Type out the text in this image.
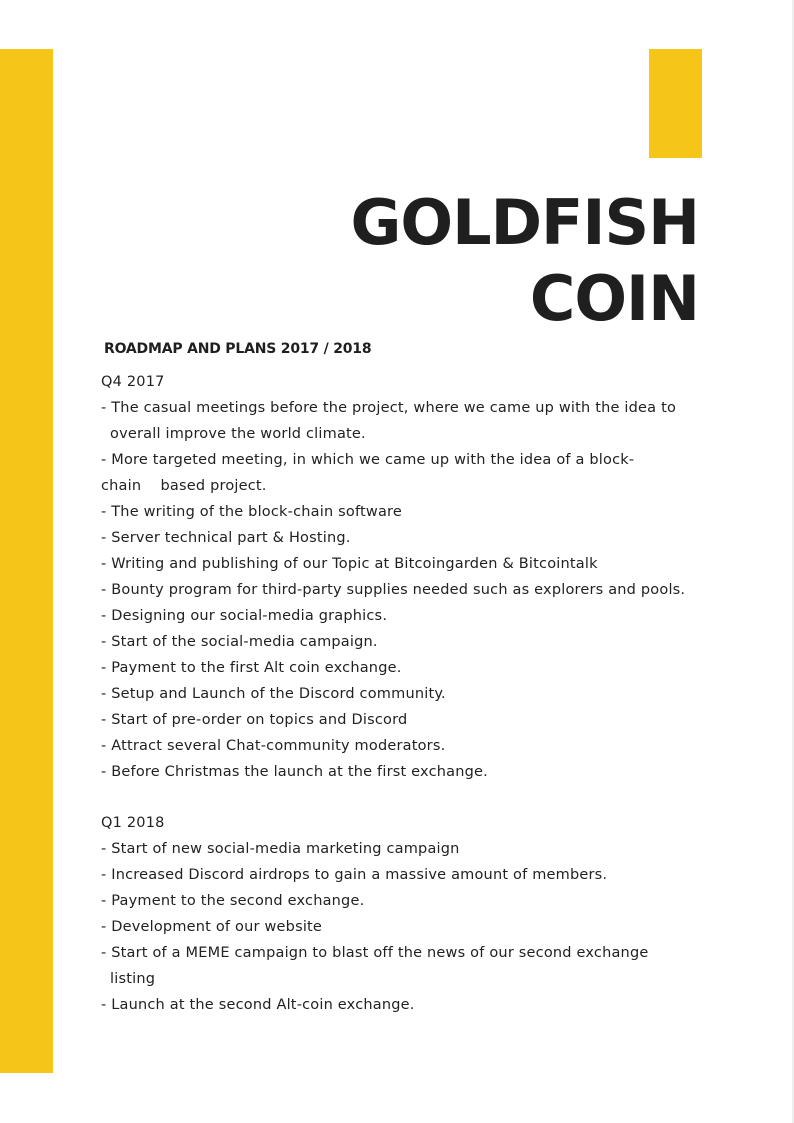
GOLDFISH
COIN
ROADMAP AND PLANS 2017 / 2018
Q4 2017
- The casual meetings before the project, where we came up with the idea to
overall improve the world climate.
- More targeted meeting, in which we came up with the idea of a block-
chain    based project.
- The writing of the block-chain software
- Server technical part & Hosting.
- Writing and publishing of our Topic at Bitcoingarden & Bitcointalk
- Bounty program for third-party supplies needed such as explorers and pools.
- Designing our social-media graphics.
- Start of the social-media campaign.
- Payment to the first Alt coin exchange.
- Setup and Launch of the Discord community.
- Start of pre-order on topics and Discord
- Attract several Chat-community moderators.
- Before Christmas the launch at the first exchange.
Q1 2018
- Start of new social-media marketing campaign
- Increased Discord airdrops to gain a massive amount of members.
- Payment to the second exchange.
- Development of our website
- Start of a MEME campaign to blast off the news of our second exchange
listing
- Launch at the second Alt-coin exchange.
